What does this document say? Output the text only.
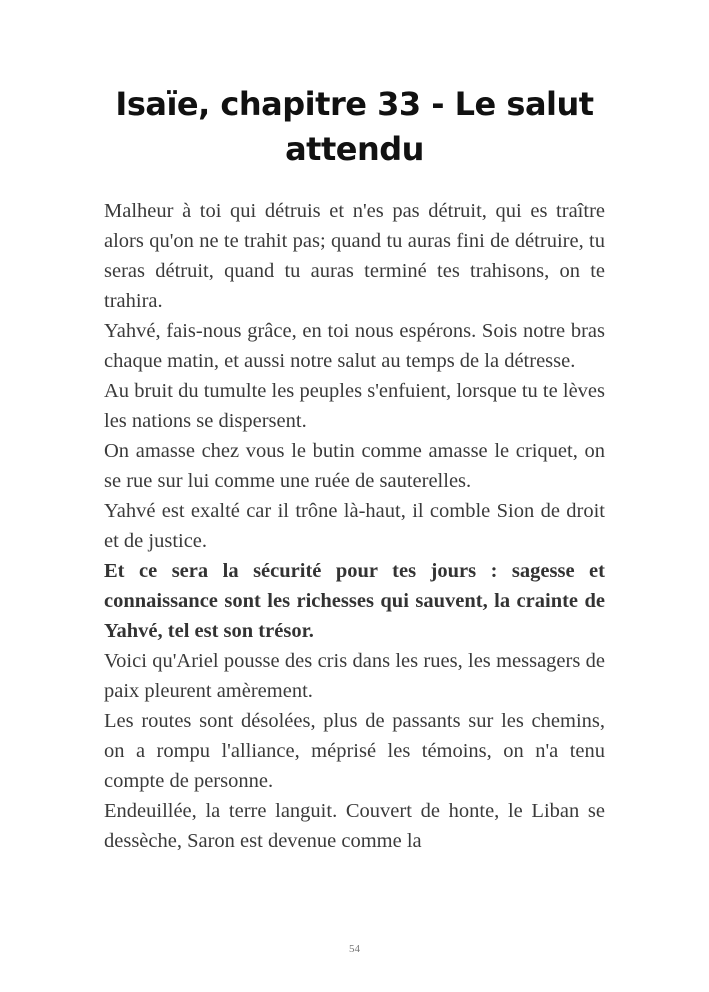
Isaïe, chapitre 33 - Le salut attendu

Malheur à toi qui détruis et n'es pas détruit, qui es traître alors qu'on ne te trahit pas; quand tu auras fini de détruire, tu seras détruit, quand tu auras terminé tes trahisons, on te trahira.

Yahvé, fais-nous grâce, en toi nous espérons. Sois notre bras chaque matin, et aussi notre salut au temps de la détresse.

Au bruit du tumulte les peuples s'enfuient, lorsque tu te lèves les nations se dispersent.

On amasse chez vous le butin comme amasse le criquet, on se rue sur lui comme une ruée de sauterelles.

Yahvé est exalté car il trône là-haut, il comble Sion de droit et de justice.

Et ce sera la sécurité pour tes jours : sagesse et connaissance sont les richesses qui sauvent, la crainte de Yahvé, tel est son trésor.

Voici qu'Ariel pousse des cris dans les rues, les messagers de paix pleurent amèrement.

Les routes sont désolées, plus de passants sur les chemins, on a rompu l'alliance, méprisé les témoins, on n'a tenu compte de personne.

Endeuillée, la terre languit. Couvert de honte, le Liban se dessèche, Saron est devenue comme la

54
